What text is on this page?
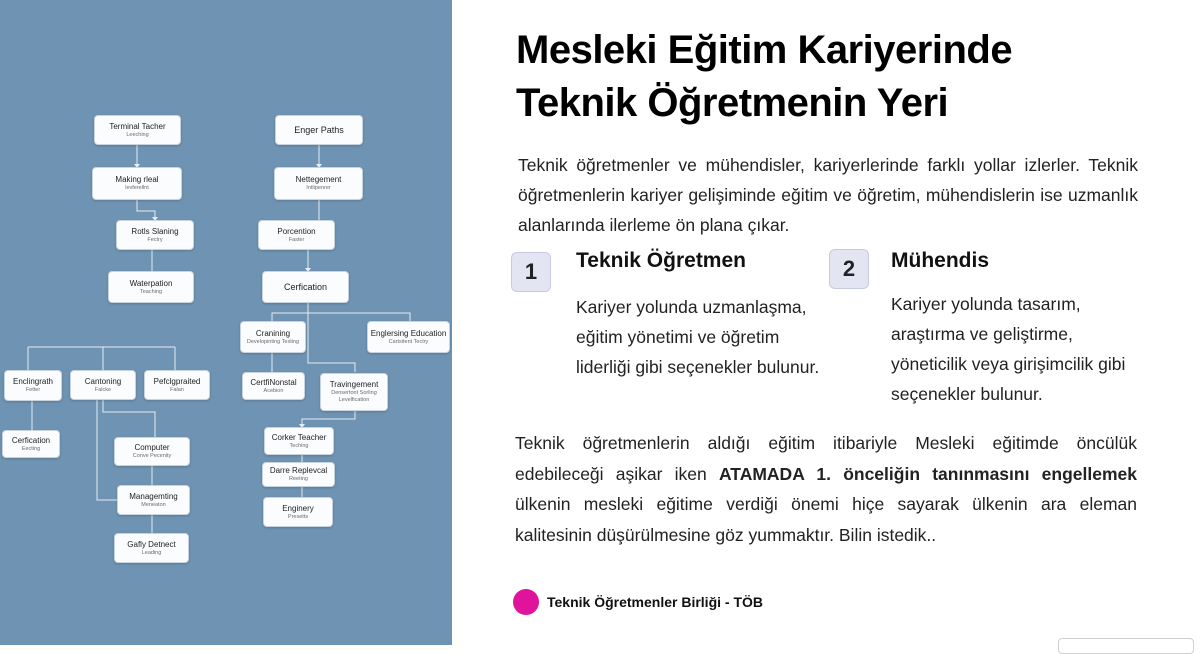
Terminal Tacher
Leeching
Making rleal
levferellnt
Rotls Slaning
Fectry
Waterpation
Teaching
Enger Paths
Nettegement
Intlipenrer
Porcention
Faster
Cerfication
Cranining
Developinting Testing
Englersing Education
Cartsitent Tectry
Enclingrath
Fetter
Cantoning
Falcke
Pefclgpraited
Falan
CertfiNonstal
Acebion
Travingement
Densertont Sorling Levelfication
Cerfication
Eecting	Computer
Conve Pecenity
Managemting
Meneaton
Gafly Detnect
Leading
Corker Teacher
Teching
Darre Replevcal
Reeting
Enginery
Presetts
Mesleki Eğitim Kariyerinde
Teknik Öğretmenin Yeri

Teknik öğretmenler ve mühendisler, kariyerlerinde farklı yollar izlerler. Teknik öğretmenlerin kariyer gelişiminde eğitim ve öğretim, mühendislerin ise uzmanlık alanlarında ilerleme ön plana çıkar.

1	Teknik Öğretmen

Kariyer yolunda uzmanlaşma, eğitim yönetimi ve öğretim liderliği gibi seçenekler bulunur.

2	Mühendis

Kariyer yolunda tasarım, araştırma ve geliştirme, yöneticilik veya girişimcilik gibi seçenekler bulunur.

Teknik öğretmenlerin aldığı eğitim itibariyle Mesleki eğitimde öncülük edebileceği aşikar iken ATAMADA 1. önceliğin tanınmasını engellemek ülkenin mesleki eğitime verdiği önemi hiçe sayarak ülkenin ara eleman kalitesinin düşürülmesine göz yummaktır. Bilin istedik..

Teknik Öğretmenler Birliği - TÖB
